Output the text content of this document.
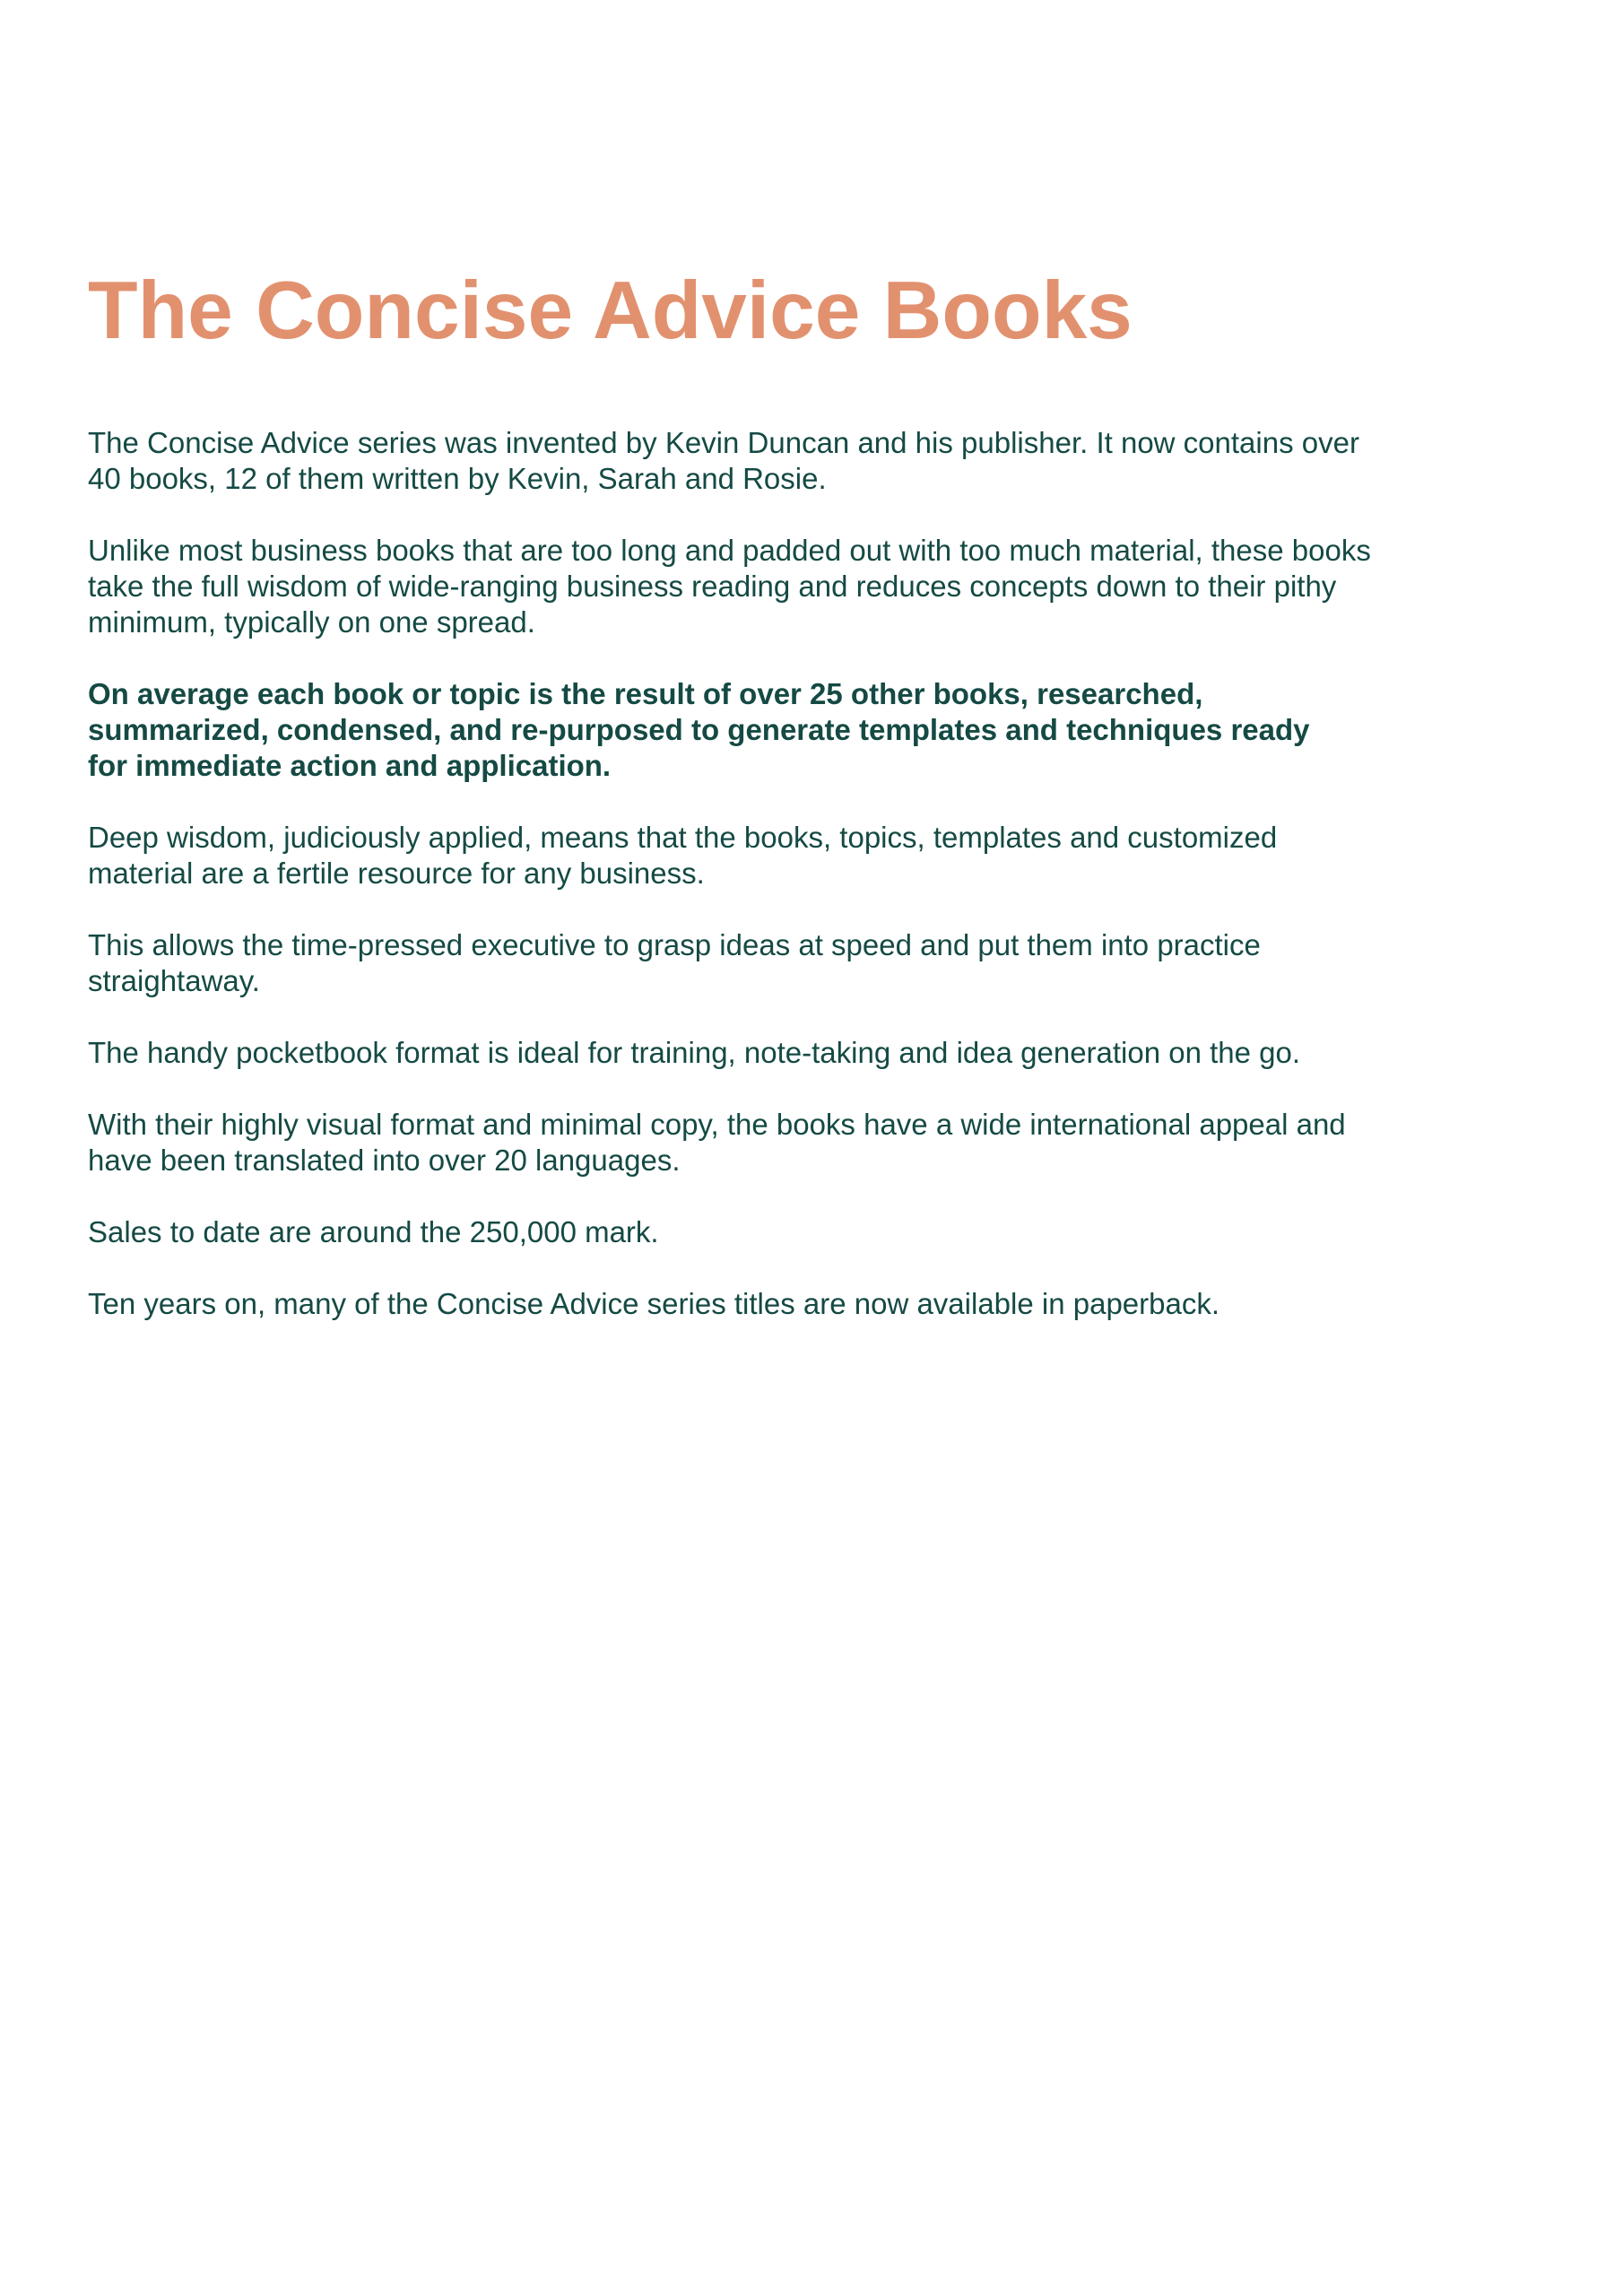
The Concise Advice Books

The Concise Advice series was invented by Kevin Duncan and his publisher. It now contains over
40 books, 12 of them written by Kevin, Sarah and Rosie.

Unlike most business books that are too long and padded out with too much material, these books
take the full wisdom of wide-ranging business reading and reduces concepts down to their pithy
minimum, typically on one spread.

On average each book or topic is the result of over 25 other books, researched,
summarized, condensed, and re-purposed to generate templates and techniques ready
for immediate action and application.

Deep wisdom, judiciously applied, means that the books, topics, templates and customized
material are a fertile resource for any business.

This allows the time-pressed executive to grasp ideas at speed and put them into practice
straightaway.

The handy pocketbook format is ideal for training, note-taking and idea generation on the go.

With their highly visual format and minimal copy, the books have a wide international appeal and
have been translated into over 20 languages.

Sales to date are around the 250,000 mark.

Ten years on, many of the Concise Advice series titles are now available in paperback.
